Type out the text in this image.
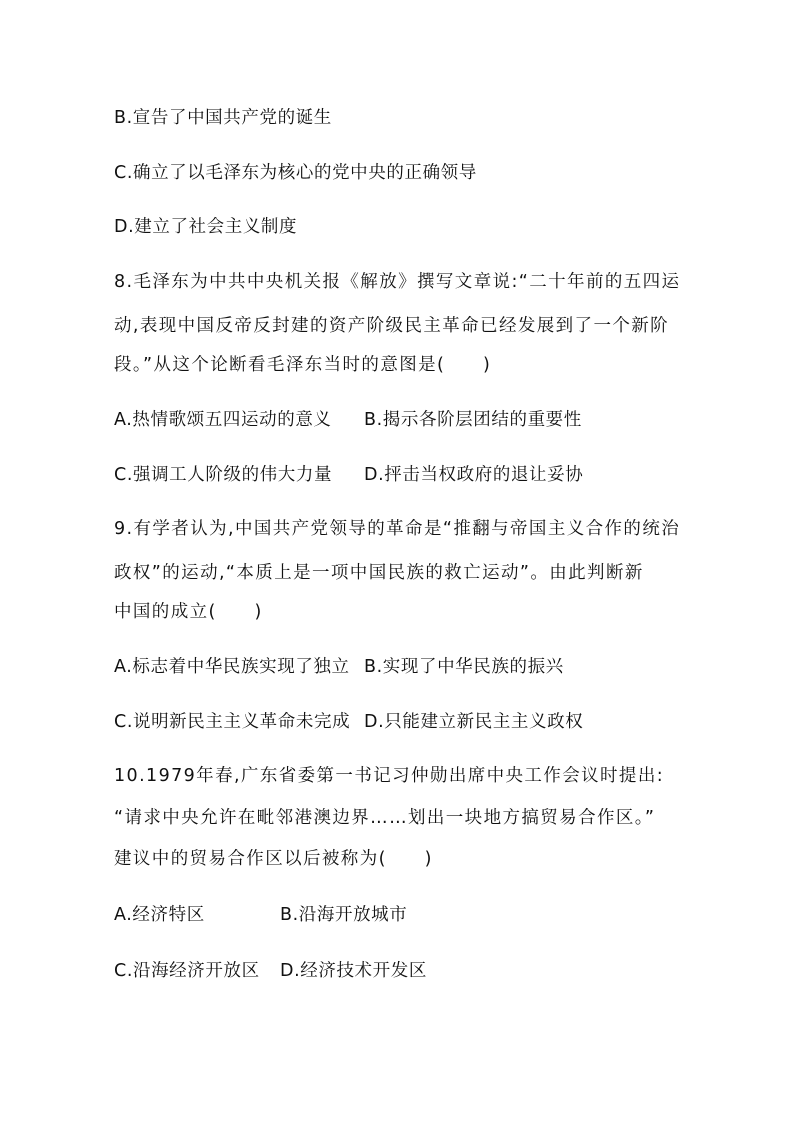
B.宣告了中国共产党的诞生
C.确立了以毛泽东为核心的党中央的正确领导
D.建立了社会主义制度
8.毛泽东为中共中央机关报《解放》撰写文章说:“二十年前的五四运
动,表现中国反帝反封建的资产阶级民主革命已经发展到了一个新阶
段。”从这个论断看毛泽东当时的意图是(　　)
A.热情歌颂五四运动的意义 B.揭示各阶层团结的重要性
C.强调工人阶级的伟大力量 D.抨击当权政府的退让妥协
9.有学者认为,中国共产党领导的革命是“推翻与帝国主义合作的统治
政权”的运动,“本质上是一项中国民族的救亡运动”。由此判断新
中国的成立(　　)
A.标志着中华民族实现了独立 B.实现了中华民族的振兴
C.说明新民主主义革命未完成 D.只能建立新民主主义政权
10.1979年春,广东省委第一书记习仲勋出席中央工作会议时提出:
“请求中央允许在毗邻港澳边界……划出一块地方搞贸易合作区。”
建议中的贸易合作区以后被称为(　　)
A.经济特区	B.沿海开放城市
C.沿海经济开放区 D.经济技术开发区
